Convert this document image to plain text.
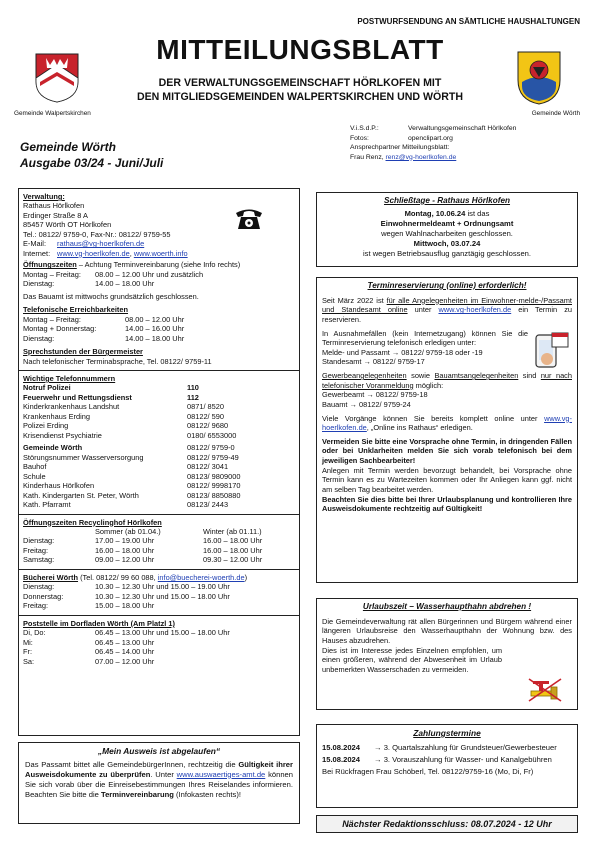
POSTWURFSENDUNG AN SÄMTLICHE HAUSHALTUNGEN
MITTEILUNGSBLATT
DER VERWALTUNGSGEMEINSCHAFT HÖRLKOFEN MIT
DEN MITGLIEDSGEMEINDEN WALPERTSKIRCHEN UND WÖRTH
Gemeinde Walpertskirchen	Gemeinde Wörth
Gemeinde Wörth
Ausgabe 03/24 - Juni/Juli
V.i.S.d.P.:	Verwaltungsgemeinschaft Hörlkofen
Fotos:	openclipart.org
Ansprechpartner Mitteilungsblatt:
Frau Renz, renz@vg-hoerlkofen.de
Verwaltung:
Rathaus Hörlkofen
Erdinger Straße 8 A
85457 Wörth OT Hörlkofen
Tel.: 08122/ 9759-0, Fax-Nr.: 08122/ 9759-55
E-Mail:	rathaus@vg-hoerlkofen.de
Internet: www.vg-hoerlkofen.de , www.woerth.info
Öffnungszeiten – Achtung Terminvereinbarung (siehe Info rechts)
Montag – Freitag:	08.00 – 12.00 Uhr und zusätzlich
Dienstag:	14.00 – 18.00 Uhr
Das Bauamt ist mittwochs grundsätzlich geschlossen.
Telefonische Erreichbarkeiten
Montag – Freitag:	08.00 – 12.00 Uhr
Montag + Donnerstag:	14.00 – 16.00 Uhr
Dienstag:	14.00 – 18.00 Uhr
Sprechstunden der Bürgermeister
Nach telefonischer Terminabsprache, Tel. 08122/ 9759-11
Wichtige Telefonnummern
Notruf Polizei	110
Feuerwehr und Rettungsdienst	112
Kinderkrankenhaus Landshut	0871/ 8520
Krankenhaus Erding	08122/ 590
Polizei Erding	08122/ 9680
Krisendienst Psychiatrie	0180/ 6553000
Gemeinde Wörth	08122/ 9759-0
Störungsnummer Wasserversorgung	08122/ 9759-49
Bauhof	08122/ 3041
Schule	08123/ 9809000
Kinderhaus Hörlkofen	08122/ 9998170
Kath. Kindergarten St. Peter, Wörth	08123/ 8850880
Kath. Pfarramt	08123/ 2443
Öffnungszeiten Recyclinghof Hörlkofen
Sommer (ab 01.04.)	Winter (ab 01.11.)
Dienstag:	17.00 – 19.00 Uhr	16.00 – 18.00 Uhr
Freitag:	16.00 – 18.00 Uhr	16.00 – 18.00 Uhr
Samstag:	09.00 – 12.00 Uhr	09.30 – 12.00 Uhr
Bücherei Wörth (Tel. 08122/ 99 60 088, info@buecherei-woerth.de)
Dienstag:	10.30 – 12.30 Uhr und 15.00 – 19.00 Uhr
Donnerstag:	10.30 – 12.30 Uhr und 15.00 – 18.00 Uhr
Freitag:	15.00 – 18.00 Uhr
Poststelle im Dorfladen Wörth (Am Platzl 1)
Di, Do:	06.45 – 13.00 Uhr und 15.00 – 18.00 Uhr
Mi:	06.45 – 13.00 Uhr
Fr:	06.45 – 14.00 Uhr
Sa:	07.00 – 12.00 Uhr
„Mein Ausweis ist abgelaufen“
Das Passamt bittet alle GemeindebürgerInnen, rechtzeitig die Gültigkeit ihrer Ausweisdokumente zu überprüfen. Unter www.auswaertiges-amt.de können Sie sich vorab über die Einreisebestimmungen Ihres Reiselandes informieren. Beachten Sie bitte die Terminvereinbarung (Infokasten rechts)!
Schließtage - Rathaus Hörlkofen
Montag, 10.06.24 ist das
Einwohnermeldeamt + Ordnungsamt
wegen Wahlnacharbeiten geschlossen.
Mittwoch, 03.07.24
ist wegen Betriebsausflug ganztägig geschlossen.
Terminreservierung (online) erforderlich!
Seit März 2022 ist für alle Angelegenheiten im Einwohner-melde-/Passamt und Standesamt online unter www.vg-hoerlkofen.de ein Termin zu reservieren.
In Ausnahmefällen (kein Internetzugang) können Sie die Terminreservierung telefonisch erledigen unter:
Melde- und Passamt → 08122/ 9759-18 oder -19
Standesamt → 08122/ 9759-17
Gewerbeangelegenheiten sowie Bauamtsangelegenheiten sind nur nach telefonischer Voranmeldung möglich:
Gewerbeamt → 08122/ 9759-18
Bauamt → 08122/ 9759-24
Viele Vorgänge können Sie bereits komplett online unter www.vg-hoerlkofen.de, „Online ins Rathaus“ erledigen.
Vermeiden Sie bitte eine Vorsprache ohne Termin, in dringenden Fällen oder bei Unklarheiten melden Sie sich vorab telefonisch bei dem jeweiligen Sachbearbeiter!
Anlegen mit Termin werden bevorzugt behandelt, bei Vorsprache ohne Termin kann es zu Wartezeiten kommen oder Ihr Anliegen kann ggf. nicht am selben Tag bearbeitet werden.
Beachten Sie dies bitte bei Ihrer Urlaubsplanung und kontrollieren Ihre Ausweisdokumente rechtzeitig auf Gültigkeit!
Urlaubszeit – Wasserhaupthahn abdrehen !
Die Gemeindeverwaltung rät allen Bürgerinnen und Bürgern während einer längeren Urlaubsreise den Wasserhaupthahn der Wohnung bzw. des Hauses abzudrehen.
Dies ist im Interesse jedes Einzelnen empfohlen, um einen größeren, während der Abwesenheit im Urlaub unbemerkten Wasserschaden zu vermeiden.
Zahlungstermine
15.08.2024	→ 3. Quartalszahlung für Grundsteuer/Gewerbesteuer
15.08.2024	→ 3. Vorauszahlung für Wasser- und Kanalgebühren
Bei Rückfragen Frau Schöberl, Tel. 08122/9759-16 (Mo, Di, Fr)
Nächster Redaktionsschluss: 08.07.2024 - 12 Uhr
